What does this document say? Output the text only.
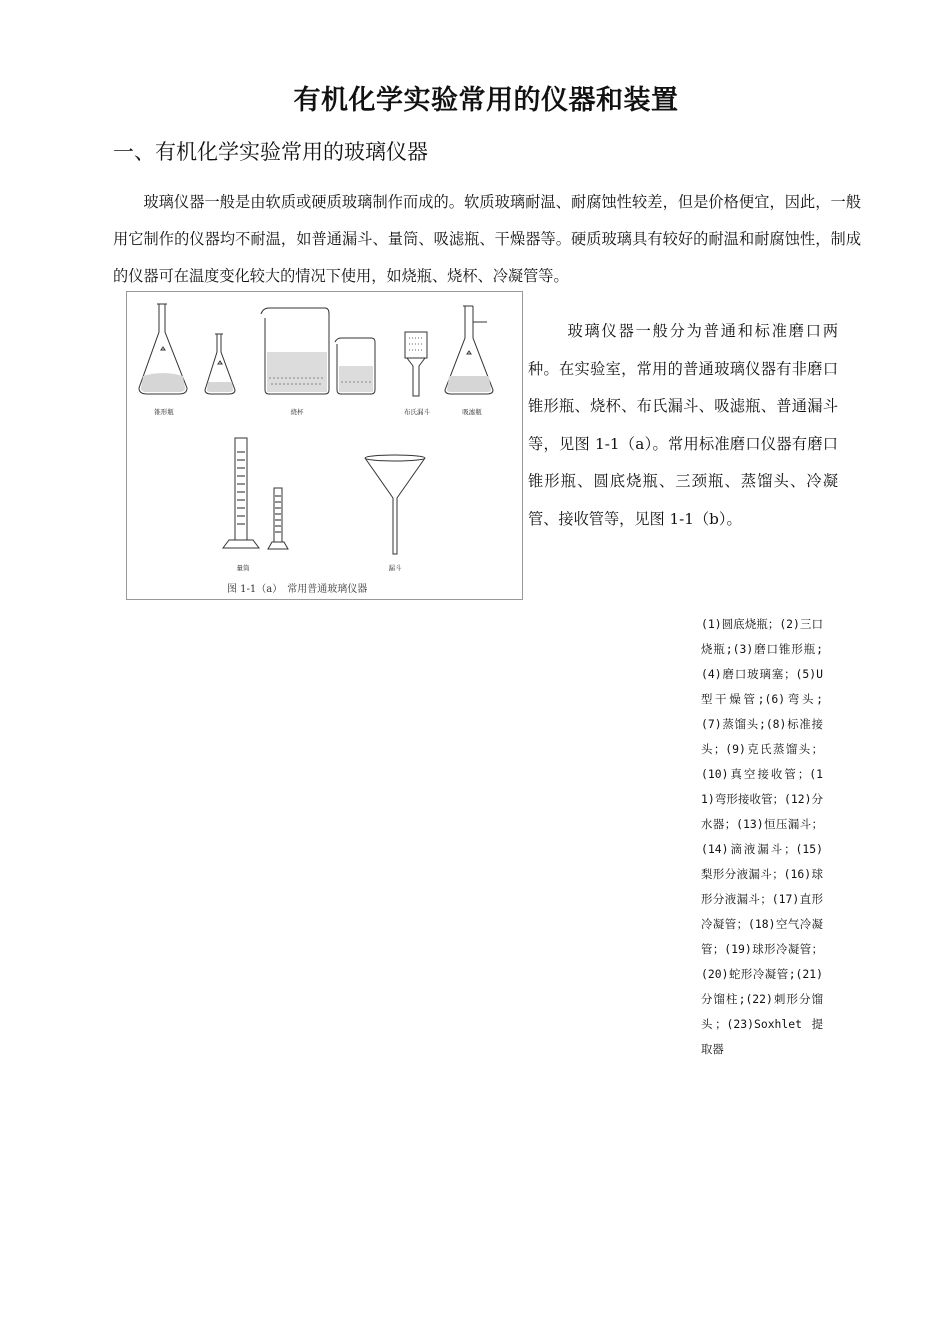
有机化学实验常用的仪器和装置
一、有机化学实验常用的玻璃仪器

玻璃仪器一般是由软质或硬质玻璃制作而成的。软质玻璃耐温、耐腐蚀性较差，但是价格便宜，因此，一般用它制作的仪器均不耐温，如普通漏斗、量筒、吸滤瓶、干燥器等。硬质玻璃具有较好的耐温和耐腐蚀性，制成的仪器可在温度变化较大的情况下使用，如烧瓶、烧杯、冷凝管等。

锥形瓶	烧杯	布氏漏斗	吸滤瓶
量筒	漏斗
图 1-1（a）　常用普通玻璃仪器

玻璃仪器一般分为普通和标准磨口两种。在实验室，常用的普通玻璃仪器有非磨口锥形瓶、烧杯、布氏漏斗、吸滤瓶、普通漏斗等，见图 1-1（a）。常用标准磨口仪器有磨口锥形瓶、圆底烧瓶、三颈瓶、蒸馏头、冷凝管、接收管等，见图 1-1（b）。

(1)圆底烧瓶；(2)三口烧瓶;(3)磨口锥形瓶;(4)磨口玻璃塞；(5)U 型干燥管;(6)弯头;(7)蒸馏头;(8)标准接头；(9)克氏蒸馏头；(10)真空接收管；(11)弯形接收管；(12)分水器；(13)恒压漏斗；(14)滴液漏斗；(15)梨形分液漏斗；(16)球形分液漏斗；(17)直形冷凝管；(18)空气冷凝管；(19)球形冷凝管；(20)蛇形冷凝管;(21)分馏柱;(22)刺形分馏头；(23)Soxhlet 提取器
